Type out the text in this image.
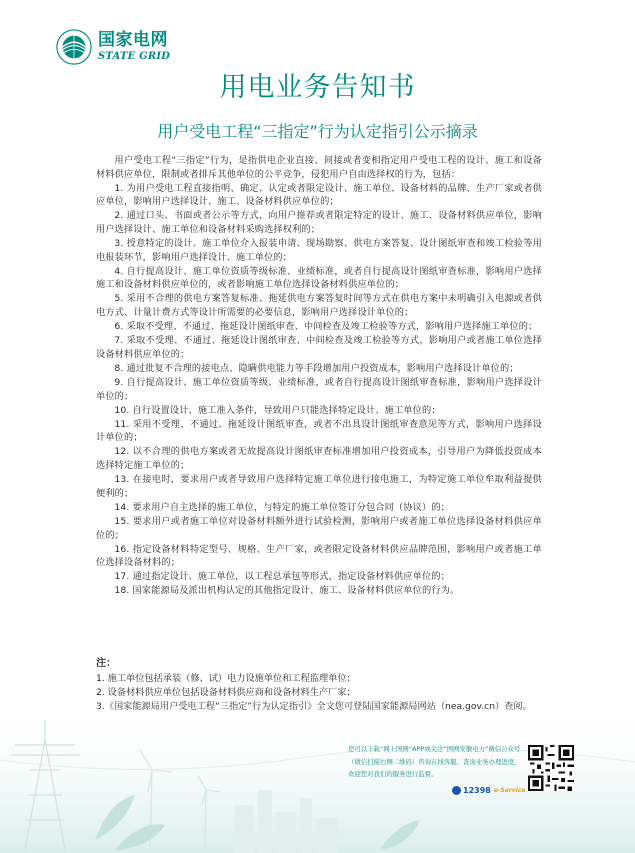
国家电网
STATE GRID
用电业务告知书
用户受电工程“三指定”行为认定指引公示摘录

用户受电工程“三指定”行为，是指供电企业直接、间接或者变相指定用户受电工程的设计、施工和设备材料供应单位，限制或者排斥其他单位的公平竞争，侵犯用户自由选择权的行为，包括：

1. 为用户受电工程直接指明、确定、认定或者限定设计、施工单位、设备材料的品牌、生产厂家或者供应单位，影响用户选择设计、施工、设备材料供应单位的；

2. 通过口头、书面或者公示等方式，向用户推荐或者限定特定的设计、施工、设备材料供应单位，影响用户选择设计、施工单位和设备材料采购选择权利的；

3. 授意特定的设计、施工单位介入报装申请、现场勘察、供电方案答复、设计图纸审查和竣工检验等用电报装环节，影响用户选择设计、施工单位的；

4. 自行提高设计、施工单位资质等级标准、业绩标准，或者自行提高设计图纸审查标准，影响用户选择施工和设备材料供应单位的，或者影响施工单位选择设备材料供应单位的；

5. 采用不合理的供电方案答复标准、拖延供电方案答复时间等方式在供电方案中未明确引入电源或者供电方式、计量计费方式等设计所需要的必要信息，影响用户选择设计单位的；

6. 采取不受理、不通过、拖延设计图纸审查、中间检查及竣工检验等方式，影响用户选择施工单位的；

7. 采取不受理、不通过、拖延设计图纸审查、中间检查及竣工检验等方式，影响用户或者施工单位选择设备材料供应单位的；

8. 通过批复不合理的接电点、隐瞒供电能力等手段增加用户投资成本，影响用户选择设计单位的；

9. 自行提高设计、施工单位资质等级、业绩标准，或者自行提高设计图纸审查标准，影响用户选择设计单位的；

10. 自行设置设计、施工准入条件，导致用户只能选择特定设计、施工单位的；

11. 采用不受理、不通过、拖延设计图纸审查，或者不出具设计图纸审查意见等方式，影响用户选择设计单位的；

12. 以不合理的供电方案或者无故提高设计图纸审查标准增加用户投资成本，引导用户为降低投资成本选择特定施工单位的；

13. 在接电时，要求用户或者导致用户选择特定施工单位进行接电施工，为特定施工单位牟取利益提供便利的；

14. 要求用户自主选择的施工单位，与特定的施工单位签订分包合同（协议）的；

15. 要求用户或者施工单位对设备材料额外进行试验检测，影响用户或者施工单位选择设备材料供应单位的；

16. 指定设备材料特定型号、规格、生产厂家，或者限定设备材料供应品牌范围，影响用户或者施工单位选择设备材料的；

17. 通过指定设计、施工单位，以工程总承包等形式，指定设备材料供应单位的；

18. 国家能源局及派出机构认定的其他指定设计、施工、设备材料供应单位的行为。

注：
1. 施工单位包括承装（修、试）电力设施单位和工程监理单位；
2. 设备材料供应单位包括设备材料供应商和设备材料生产厂家；
您可以下载“网上国网”APP或关注“国网安徽电力”微信公众号（微信扫描右侧二维码）咨询在线客服、查询业务办理进度，欢迎您对我们的服务进行监督。
12398 e-Service
